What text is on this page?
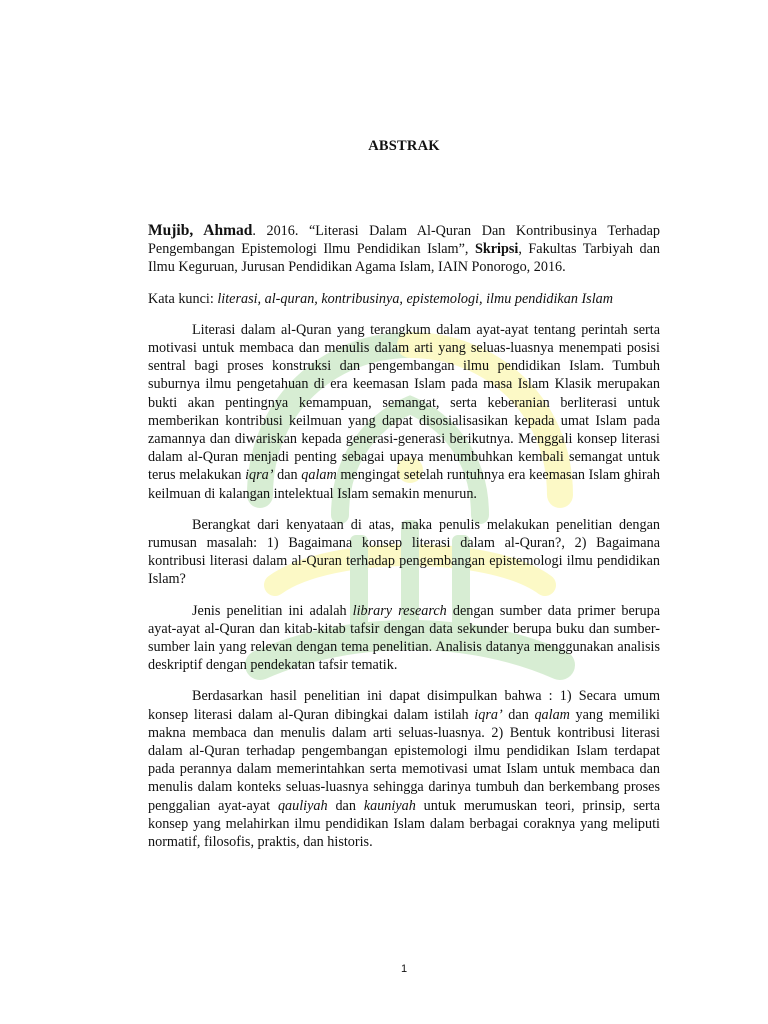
ABSTRAK

Mujib, Ahmad. 2016. “Literasi Dalam Al-Quran Dan Kontribusinya Terhadap Pengembangan Epistemologi Ilmu Pendidikan Islam”, Skripsi, Fakultas Tarbiyah dan Ilmu Keguruan, Jurusan Pendidikan Agama Islam, IAIN Ponorogo, 2016.

Kata kunci: literasi, al-quran, kontribusinya, epistemologi, ilmu pendidikan Islam

Literasi dalam al-Quran yang terangkum dalam ayat-ayat tentang perintah serta motivasi untuk membaca dan menulis dalam arti yang seluas-luasnya menempati posisi sentral bagi proses konstruksi dan pengembangan ilmu pendidikan Islam. Tumbuh suburnya ilmu pengetahuan di era keemasan Islam pada masa Islam Klasik merupakan bukti akan pentingnya kemampuan, semangat, serta keberanian berliterasi untuk memberikan kontribusi keilmuan yang dapat disosialisasikan kepada umat Islam pada zamannya dan diwariskan kepada generasi-generasi berikutnya. Menggali konsep literasi dalam al-Quran menjadi penting sebagai upaya menumbuhkan kembali semangat untuk terus melakukan iqra’ dan qalam mengingat setelah runtuhnya era keemasan Islam ghirah keilmuan di kalangan intelektual Islam semakin menurun.

Berangkat dari kenyataan di atas, maka penulis melakukan penelitian dengan rumusan masalah: 1) Bagaimana konsep literasi dalam al-Quran?, 2) Bagaimana kontribusi literasi dalam al-Quran terhadap pengembangan epistemologi ilmu pendidikan Islam?

Jenis penelitian ini adalah library research dengan sumber data primer berupa ayat-ayat al-Quran dan kitab-kitab tafsir dengan data sekunder berupa buku dan sumber-sumber lain yang relevan dengan tema penelitian. Analisis datanya menggunakan analisis deskriptif dengan pendekatan tafsir tematik.

Berdasarkan hasil penelitian ini dapat disimpulkan bahwa : 1) Secara umum konsep literasi dalam al-Quran dibingkai dalam istilah iqra’ dan qalam yang memiliki makna membaca dan menulis dalam arti seluas-luasnya. 2) Bentuk kontribusi literasi dalam al-Quran terhadap pengembangan epistemologi ilmu pendidikan Islam terdapat pada perannya dalam memerintahkan serta memotivasi umat Islam untuk membaca dan menulis dalam konteks seluas-luasnya sehingga darinya tumbuh dan berkembang proses penggalian ayat-ayat qauliyah dan kauniyah untuk merumuskan teori, prinsip, serta konsep yang melahirkan ilmu pendidikan Islam dalam berbagai coraknya yang meliputi normatif, filosofis, praktis, dan historis.

1
